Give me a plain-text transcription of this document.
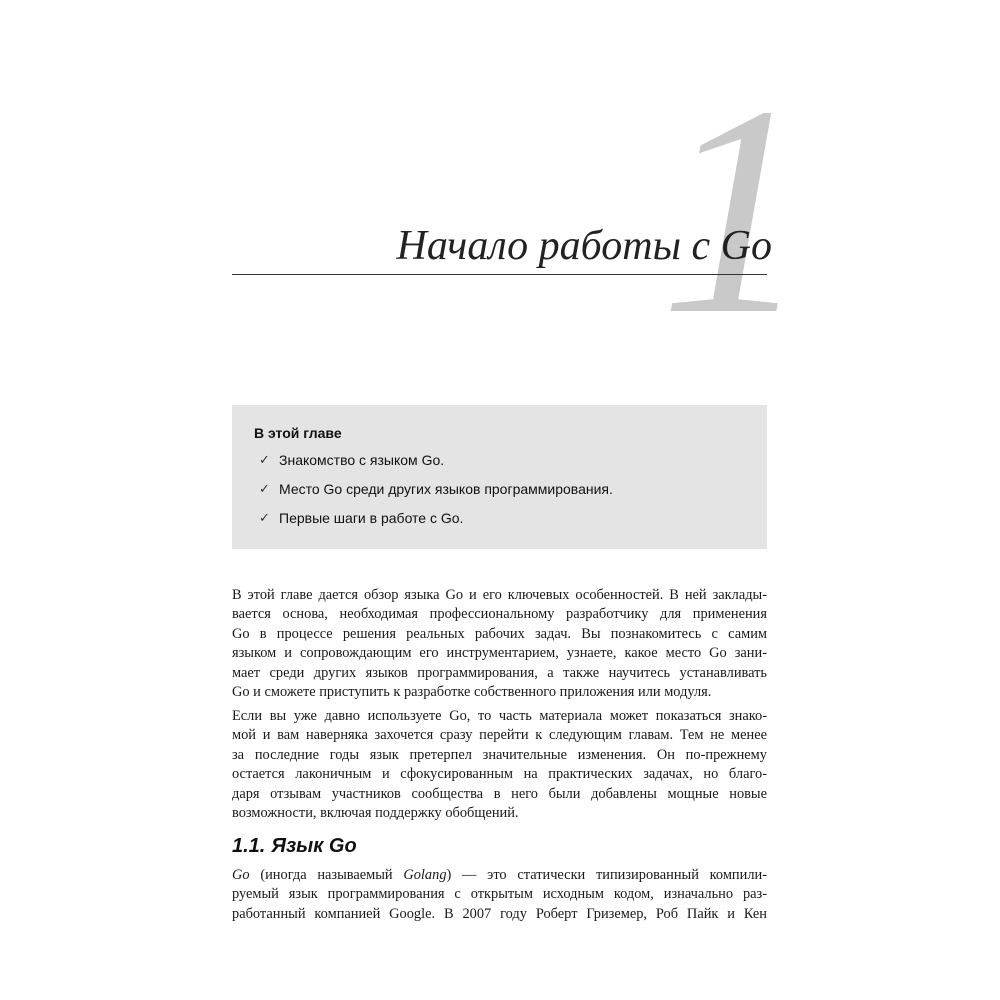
1
Начало работы с Go
В этой главе
✓ Знакомство с языком Go.
✓ Место Go среди других языков программирования.
✓ Первые шаги в работе с Go.
В этой главе дается обзор языка Go и его ключевых особенностей. В ней заклады-
вается основа, необходимая профессиональному разработчику для применения
Go в процессе решения реальных рабочих задач. Вы познакомитесь с самим
языком и сопровождающим его инструментарием, узнаете, какое место Go зани-
мает среди других языков программирования, а также научитесь устанавливать
Go и сможете приступить к разработке собственного приложения или модуля.
Если вы уже давно используете Go, то часть материала может показаться знако-
мой и вам наверняка захочется сразу перейти к следующим главам. Тем не менее
за последние годы язык претерпел значительные изменения. Он по-прежнему
остается лаконичным и сфокусированным на практических задачах, но благо-
даря отзывам участников сообщества в него были добавлены мощные новые
возможности, включая поддержку обобщений.
1.1. Язык Go
Go (иногда называемый Golang) — это статически типизированный компили-
руемый язык программирования с открытым исходным кодом, изначально раз-
работанный компанией Google. В 2007 году Роберт Гриземер, Роб Пайк и Кен
